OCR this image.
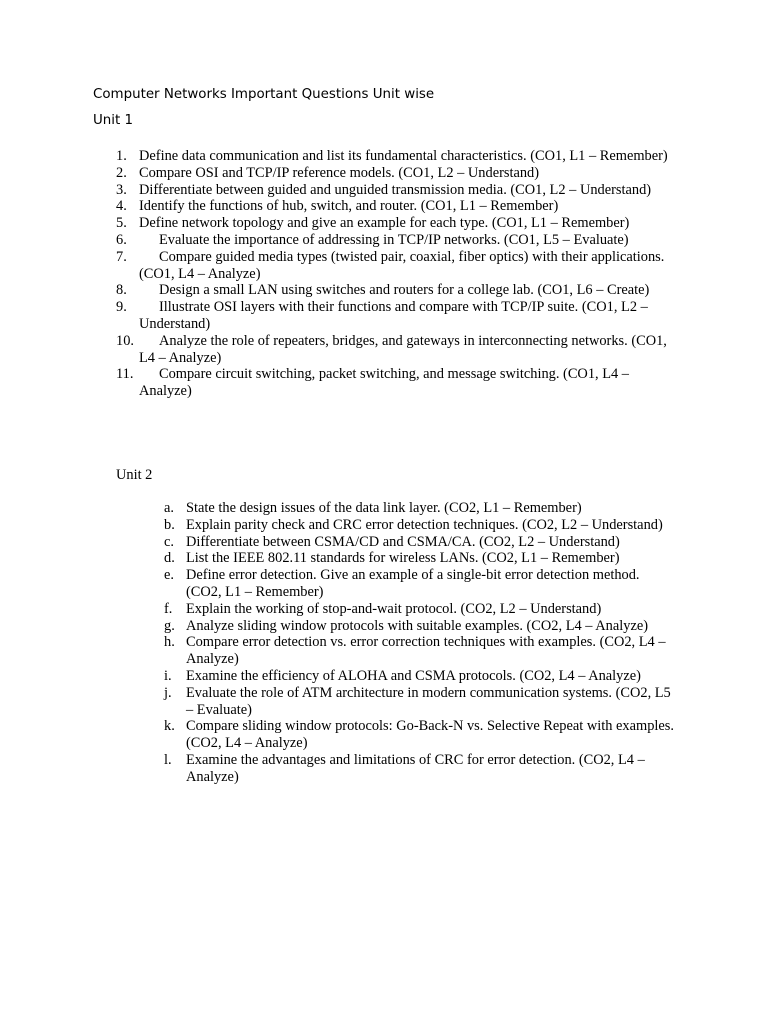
Computer Networks Important Questions Unit wise
Unit 1
1. Define data communication and list its fundamental characteristics. (CO1, L1 – Remember)
2. Compare OSI and TCP/IP reference models. (CO1, L2 – Understand)
3. Differentiate between guided and unguided transmission media. (CO1, L2 – Understand)
4. Identify the functions of hub, switch, and router. (CO1, L1 – Remember)
5. Define network topology and give an example for each type. (CO1, L1 – Remember)
6.	Evaluate the importance of addressing in TCP/IP networks. (CO1, L5 – Evaluate)
7.	Compare guided media types (twisted pair, coaxial, fiber optics) with their applications. (CO1, L4 – Analyze)
8.	Design a small LAN using switches and routers for a college lab. (CO1, L6 – Create)
9.	Illustrate OSI layers with their functions and compare with TCP/IP suite. (CO1, L2 – Understand)
10.	Analyze the role of repeaters, bridges, and gateways in interconnecting networks. (CO1, L4 – Analyze)
11.	Compare circuit switching, packet switching, and message switching. (CO1, L4 – Analyze)
Unit 2
a. State the design issues of the data link layer. (CO2, L1 – Remember)
b. Explain parity check and CRC error detection techniques. (CO2, L2 – Understand)
c. Differentiate between CSMA/CD and CSMA/CA. (CO2, L2 – Understand)
d. List the IEEE 802.11 standards for wireless LANs. (CO2, L1 – Remember)
e. Define error detection. Give an example of a single-bit error detection method. (CO2, L1 – Remember)
f. Explain the working of stop-and-wait protocol. (CO2, L2 – Understand)
g. Analyze sliding window protocols with suitable examples. (CO2, L4 – Analyze)
h. Compare error detection vs. error correction techniques with examples. (CO2, L4 – Analyze)
i. Examine the efficiency of ALOHA and CSMA protocols. (CO2, L4 – Analyze)
j. Evaluate the role of ATM architecture in modern communication systems. (CO2, L5 – Evaluate)
k. Compare sliding window protocols: Go-Back-N vs. Selective Repeat with examples. (CO2, L4 – Analyze)
l. Examine the advantages and limitations of CRC for error detection. (CO2, L4 – Analyze)
